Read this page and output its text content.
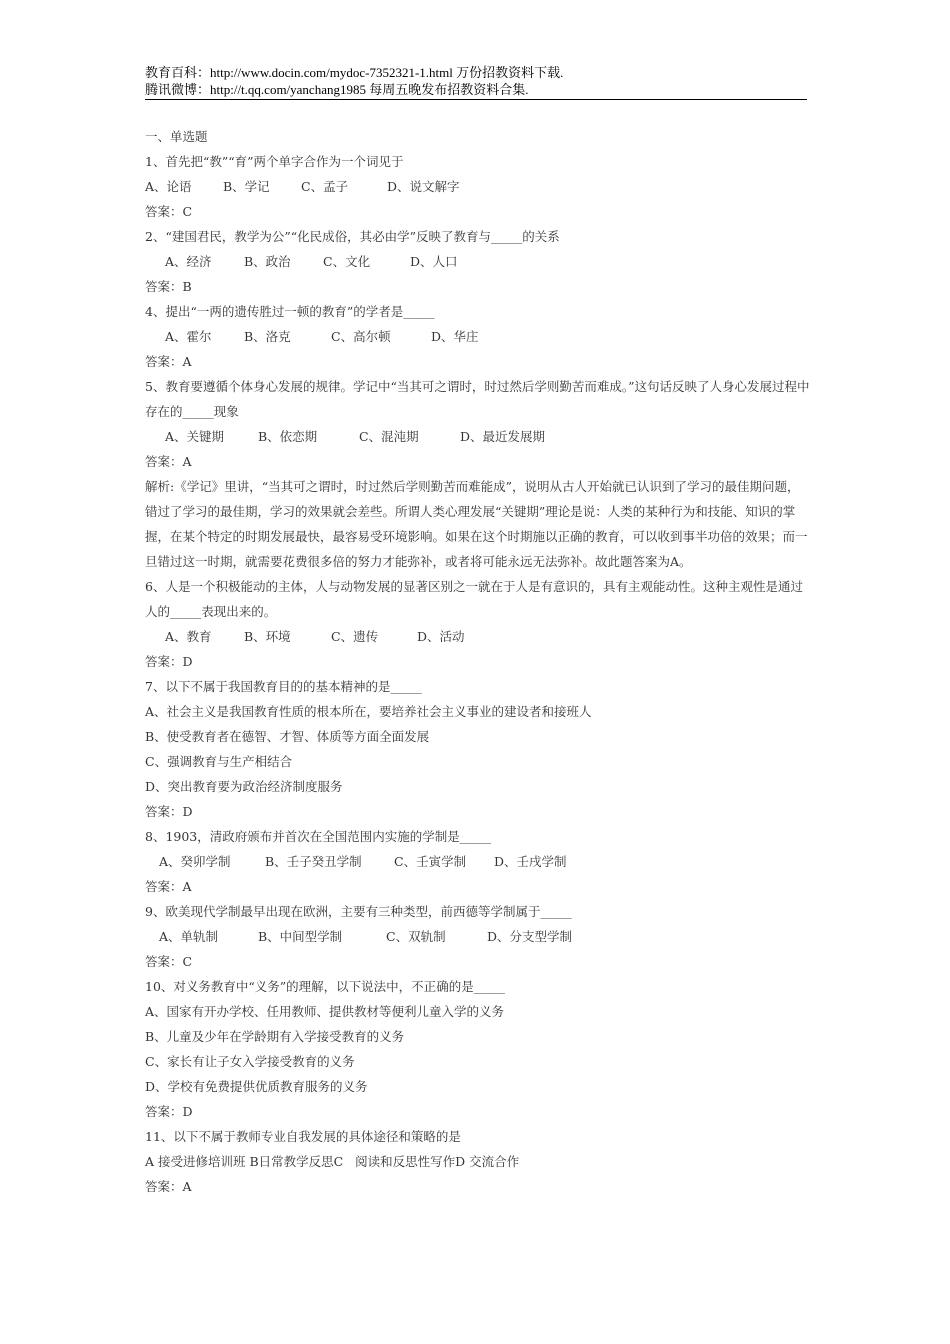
教育百科：http://www.docin.com/mydoc-7352321-1.html 万份招教资料下载.
腾讯微博：http://t.qq.com/yanchang1985 每周五晚发布招教资料合集.
一、单选题
1、首先把“教”“育”两个单字合作为一个词见于
A、论语	B、学记	C、孟子	D、说文解字
答案：C
2、“建国君民，教学为公”“化民成俗，其必由学”反映了教育与_____的关系
A、经济	B、政治	C、文化	D、人口
答案：B
4、提出“一两的遗传胜过一顿的教育”的学者是_____
A、霍尔	B、洛克	C、高尔顿	D、华庄
答案：A
5、教育要遵循个体身心发展的规律。学记中“当其可之谓时，时过然后学则勤苦而难成。”这句话反映了人身心发展过程中存在的_____现象
A、关键期	B、依恋期	C、混沌期	D、最近发展期
答案：A
解析:《学记》里讲，“当其可之谓时，时过然后学则勤苦而难能成”，说明从古人开始就已认识到了学习的最佳期问题，错过了学习的最佳期，学习的效果就会差些。所谓人类心理发展“关键期”理论是说：人类的某种行为和技能、知识的掌握，在某个特定的时期发展最快，最容易受环境影响。如果在这个时期施以正确的教育，可以收到事半功倍的效果；而一旦错过这一时期，就需要花费很多倍的努力才能弥补，或者将可能永远无法弥补。故此题答案为A。
6、人是一个积极能动的主体，人与动物发展的显著区别之一就在于人是有意识的，具有主观能动性。这种主观性是通过人的_____表现出来的。
A、教育	B、环境	C、遗传	D、活动
答案：D
7、以下不属于我国教育目的的基本精神的是_____
A、社会主义是我国教育性质的根本所在，要培养社会主义事业的建设者和接班人
B、使受教育者在德智、才智、体质等方面全面发展
C、强调教育与生产相结合
D、突出教育要为政治经济制度服务
答案：D
8、1903，清政府颁布并首次在全国范围内实施的学制是_____
A、癸卯学制	B、壬子癸丑学制	C、壬寅学制 D、壬戌学制
答案：A
9、欧美现代学制最早出现在欧洲，主要有三种类型，前西德等学制属于_____
A、单轨制	B、中间型学制	C、双轨制	D、分支型学制
答案：C
10、对义务教育中“义务”的理解，以下说法中，不正确的是_____
A、国家有开办学校、任用教师、提供教材等便利儿童入学的义务
B、儿童及少年在学龄期有入学接受教育的义务
C、家长有让子女入学接受教育的义务
D、学校有免费提供优质教育服务的义务
答案：D
11、以下不属于教师专业自我发展的具体途径和策略的是
A 接受进修培训班 B日常教学反思C   阅读和反思性写作D 交流合作
答案：A
